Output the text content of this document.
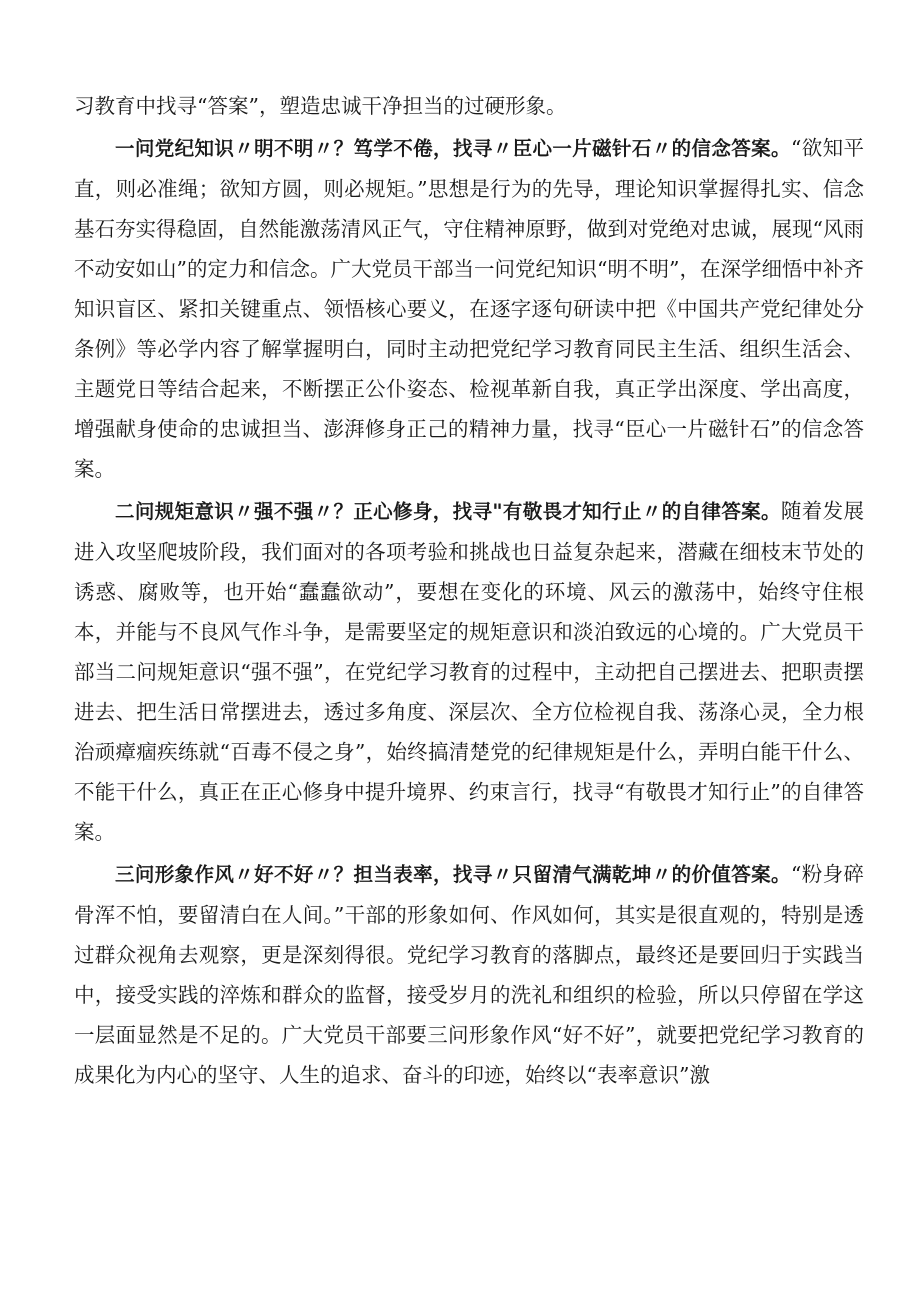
习教育中找寻“答案”，塑造忠诚干净担当的过硬形象。

一问党纪知识〃明不明〃？笃学不倦，找寻〃臣心一片磁针石〃的信念答案。“欲知平直，则必准绳；欲知方圆，则必规矩。”思想是行为的先导，理论知识掌握得扎实、信念基石夯实得稳固，自然能激荡清风正气，守住精神原野，做到对党绝对忠诚，展现“风雨不动安如山”的定力和信念。广大党员干部当一问党纪知识“明不明”，在深学细悟中补齐知识盲区、紧扣关键重点、领悟核心要义，在逐字逐句研读中把《中国共产党纪律处分条例》等必学内容了解掌握明白，同时主动把党纪学习教育同民主生活、组织生活会、主题党日等结合起来，不断摆正公仆姿态、检视革新自我，真正学出深度、学出高度，增强献身使命的忠诚担当、澎湃修身正己的精神力量，找寻“臣心一片磁针石”的信念答案。

二问规矩意识〃强不强〃？正心修身，找寻"有敬畏才知行止〃的自律答案。随着发展进入攻坚爬坡阶段，我们面对的各项考验和挑战也日益复杂起来，潜藏在细枝末节处的诱惑、腐败等，也开始“蠢蠢欲动”，要想在变化的环境、风云的激荡中，始终守住根本，并能与不良风气作斗争，是需要坚定的规矩意识和淡泊致远的心境的。广大党员干部当二问规矩意识“强不强”，在党纪学习教育的过程中，主动把自己摆进去、把职责摆进去、把生活日常摆进去，透过多角度、深层次、全方位检视自我、荡涤心灵，全力根治顽瘴痼疾练就“百毒不侵之身”，始终搞清楚党的纪律规矩是什么，弄明白能干什么、不能干什么，真正在正心修身中提升境界、约束言行，找寻“有敬畏才知行止”的自律答案。

三问形象作风〃好不好〃？担当表率，找寻〃只留清气满乾坤〃的价值答案。“粉身碎骨浑不怕，要留清白在人间。”干部的形象如何、作风如何，其实是很直观的，特别是透过群众视角去观察，更是深刻得很。党纪学习教育的落脚点，最终还是要回归于实践当中，接受实践的淬炼和群众的监督，接受岁月的洗礼和组织的检验，所以只停留在学这一层面显然是不足的。广大党员干部要三问形象作风“好不好”，就要把党纪学习教育的成果化为内心的坚守、人生的追求、奋斗的印迹，始终以“表率意识”激
